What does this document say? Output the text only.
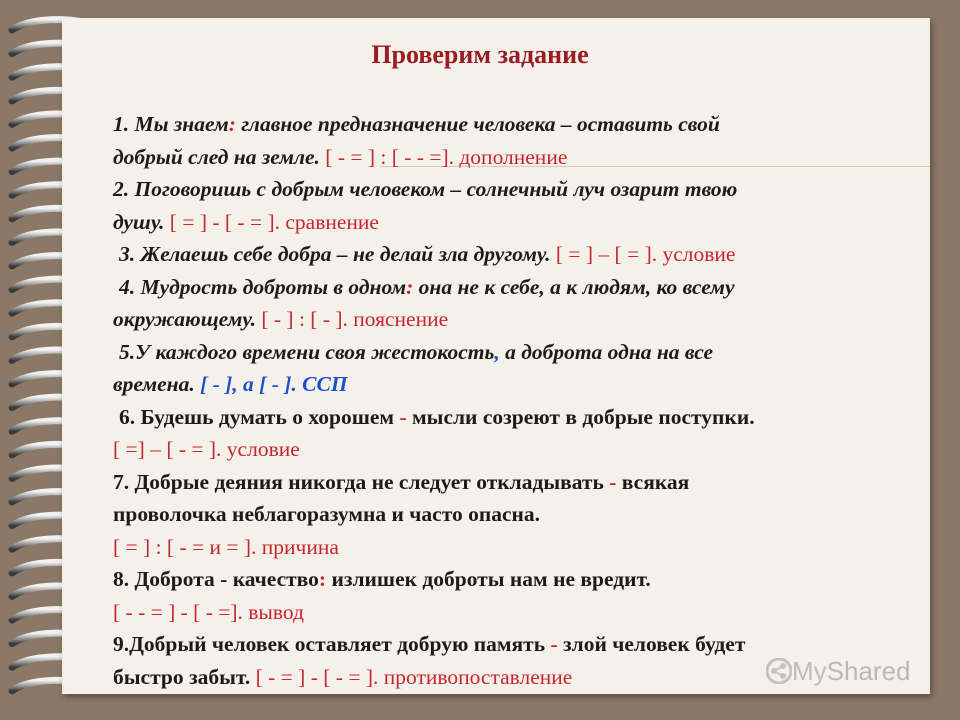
Проверим задание
1. Мы знаем: главное предназначение человека – оставить свой
добрый след на земле. [ - = ] : [ - - =]. дополнение
2. Поговоришь с добрым человеком – солнечный луч озарит твою
душу. [ = ] - [ - = ]. сравнение
3. Желаешь себе добра – не делай зла другому. [ = ] – [ = ]. условие
4. Мудрость доброты в одном: она не к себе, а к людям, ко всему
окружающему. [ - ] : [ - ]. пояснение
5.У каждого времени своя жестокость, а доброта одна на все
времена. [ - ], а [ - ]. ССП
6. Будешь думать о хорошем - мысли созреют в добрые поступки.
[ =] – [ - = ]. условие
7. Добрые деяния никогда не следует откладывать - всякая
проволочка неблагоразумна и часто опасна.
[ = ] : [ - = и = ]. причина
8. Доброта - качество: излишек доброты нам не вредит.
[ - - = ] - [ - =]. вывод
9.Добрый человек оставляет добрую память - злой человек будет
быстро забыт. [ - = ] - [ - = ]. противопоставление	MyShared
